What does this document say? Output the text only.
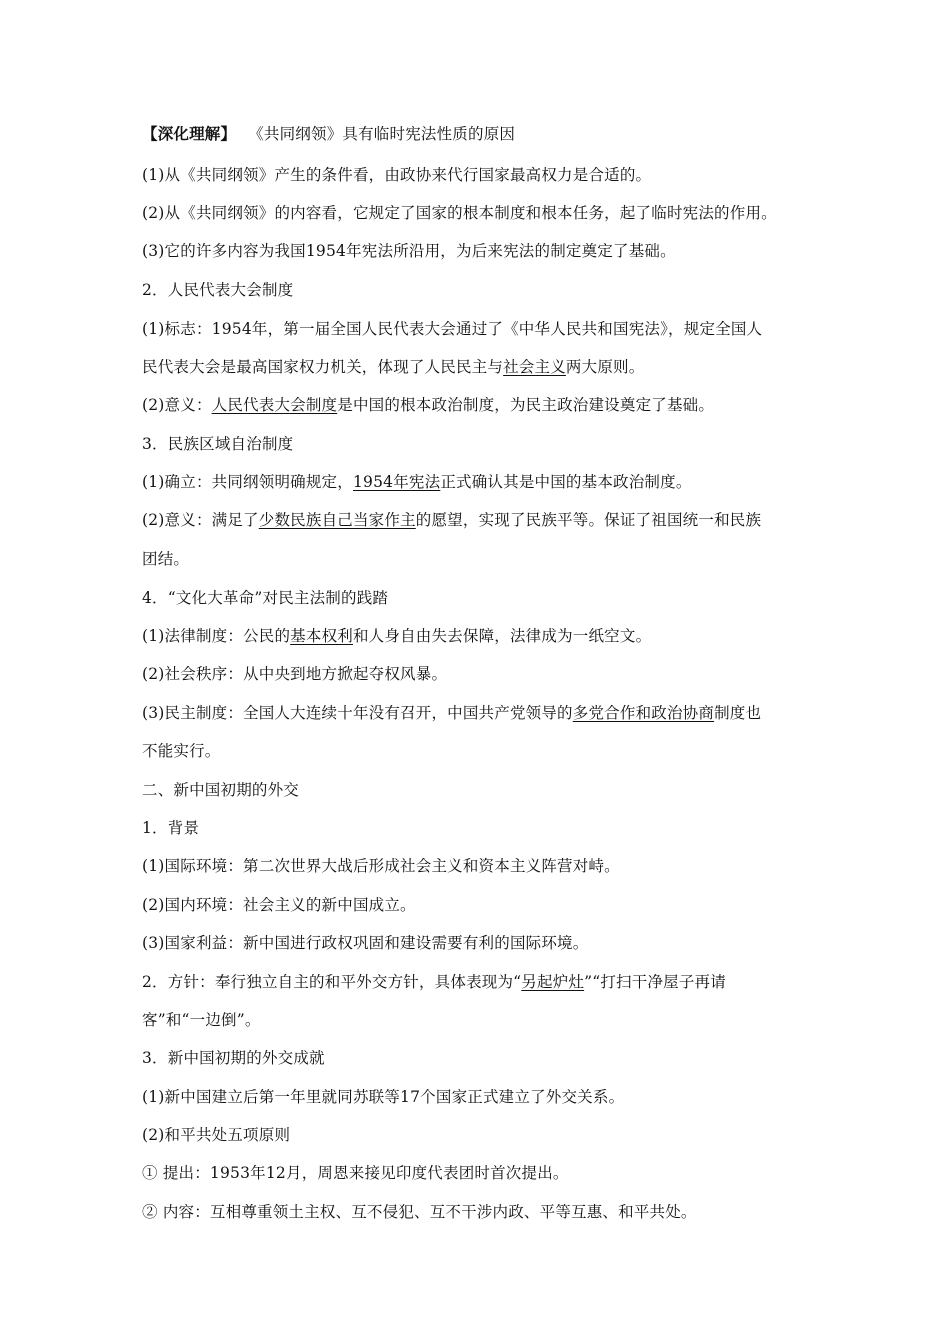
【深化理解】 《共同纲领》具有临时宪法性质的原因
(1)从《共同纲领》产生的条件看，由政协来代行国家最高权力是合适的。
(2)从《共同纲领》的内容看，它规定了国家的根本制度和根本任务，起了临时宪法的作用。
(3)它的许多内容为我国1954年宪法所沿用，为后来宪法的制定奠定了基础。
2．人民代表大会制度
(1)标志：1954年，第一届全国人民代表大会通过了《中华人民共和国宪法》，规定全国人
民代表大会是最高国家权力机关，体现了人民民主与社会主义两大原则。
(2)意义：人民代表大会制度是中国的根本政治制度，为民主政治建设奠定了基础。
3．民族区域自治制度
(1)确立：共同纲领明确规定，1954年宪法正式确认其是中国的基本政治制度。
(2)意义：满足了少数民族自己当家作主的愿望，实现了民族平等。保证了祖国统一和民族
团结。
4．“文化大革命”对民主法制的践踏
(1)法律制度：公民的基本权利和人身自由失去保障，法律成为一纸空文。
(2)社会秩序：从中央到地方掀起夺权风暴。
(3)民主制度：全国人大连续十年没有召开，中国共产党领导的多党合作和政治协商制度也
不能实行。
二、新中国初期的外交
1．背景
(1)国际环境：第二次世界大战后形成社会主义和资本主义阵营对峙。
(2)国内环境：社会主义的新中国成立。
(3)国家利益：新中国进行政权巩固和建设需要有利的国际环境。
2．方针：奉行独立自主的和平外交方针，具体表现为“另起炉灶”“打扫干净屋子再请
客”和“一边倒”。
3．新中国初期的外交成就
(1)新中国建立后第一年里就同苏联等17个国家正式建立了外交关系。
(2)和平共处五项原则
① 提出：1953年12月，周恩来接见印度代表团时首次提出。
② 内容：互相尊重领土主权、互不侵犯、互不干涉内政、平等互惠、和平共处。
